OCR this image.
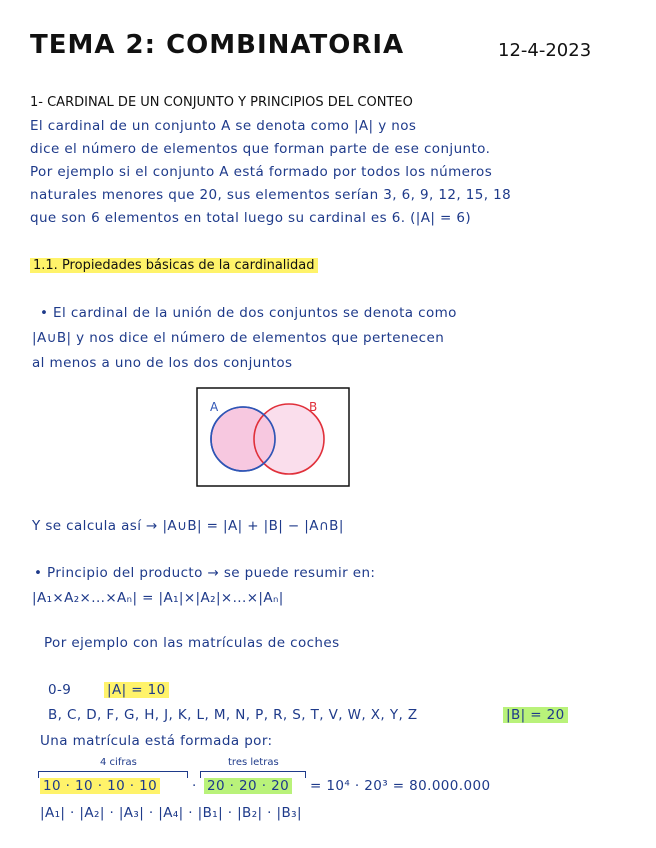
TEMA 2: COMBINATORIA	12-4-2023
1- CARDINAL DE UN CONJUNTO Y PRINCIPIOS DEL CONTEO
El cardinal de un conjunto A se denota como |A| y nos
dice el número de elementos que forman parte de ese conjunto.
Por ejemplo si el conjunto A está formado por todos los números
naturales menores que 20, sus elementos serían 3, 6, 9, 12, 15, 18
que son 6 elementos en total luego su cardinal es 6. (|A| = 6)
1.1. Propiedades básicas de la cardinalidad
• El cardinal de la unión de dos conjuntos se denota como
|A∪B| y nos dice el número de elementos que pertenecen
al menos a uno de los dos conjuntos
A	B
Y se calcula así → |A∪B| = |A| + |B| − |A∩B|
• Principio del producto → se puede resumir en:
|A₁×A₂×...×Aₙ| = |A₁|×|A₂|×...×|Aₙ|
Por ejemplo con las matrículas de coches
0-9	|A| = 10
B, C, D, F, G, H, J, K, L, M, N, P, R, S, T, V, W, X, Y, Z	|B| = 20
Una matrícula está formada por:
4 cifras	tres letras
10 · 10 · 10 · 10	· 20 · 20 · 20 = 10⁴ · 20³ = 80.000.000
|A₁| · |A₂| · |A₃| · |A₄| · |B₁| · |B₂| · |B₃|
